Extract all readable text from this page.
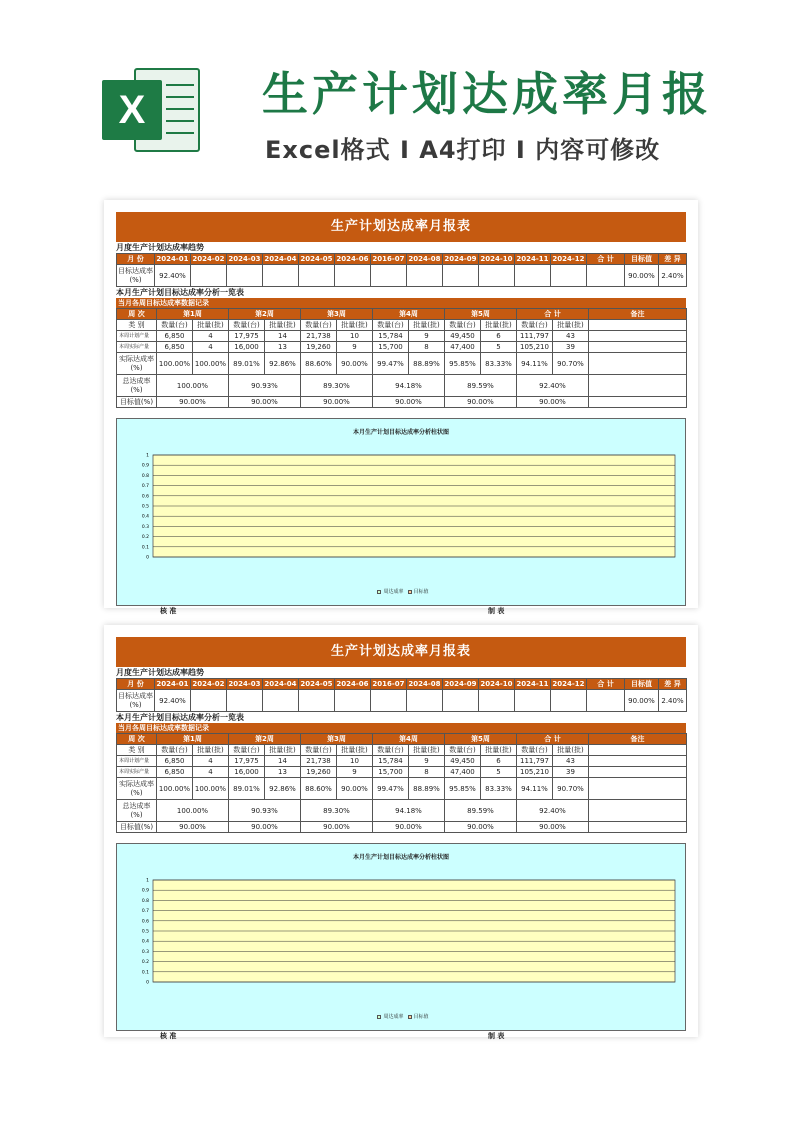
X	生产计划达成率月报
Excel格式 I A4打印 I 内容可修改
生产计划达成率月报表
月度生产计划达成率趋势
月 份	2024-01	2024-02	2024-03	2024-04	2024-05	2024-06	2016-07	2024-08	2024-09	2024-10	2024-11	2024-12	合 计	目标值	差 异
目标达成率(%)	92.40%													90.00%	2.40%
本月生产计划目标达成率分析一览表
当月各周目标达成率数据记录
周 次	第1周		第2周		第3周		第4周		第5周		合 计		备注
类 别	数量(台)	批量(批)	数量(台)	批量(批)	数量(台)	批量(批)	数量(台)	批量(批)	数量(台)	批量(批)	数量(台)	批量(批)	
本周计划产量	6,850	4	17,975	14	21,738	10	15,784	9	49,450	6	111,797	43	
本周实际产量	6,850	4	16,000	13	19,260	9	15,700	8	47,400	5	105,210	39	
实际达成率(%)	100.00%	100.00%	89.01%	92.86%	88.60%	90.00%	99.47%	88.89%	95.85%	83.33%	94.11%	90.70%	
总达成率(%)	100.00%		90.93%		89.30%		94.18%		89.59%		92.40%		
目标值(%)	90.00%		90.00%		90.00%		90.00%		90.00%		90.00%		
本月生产计划目标达成率分析柱状图
0
0.1
0.2
0.3
0.4
0.5
0.6
0.7
0.8
0.9
1
周达成率 目标值
核 准	制 表
生产计划达成率月报表
月度生产计划达成率趋势
月 份	2024-01	2024-02	2024-03	2024-04	2024-05	2024-06	2016-07	2024-08	2024-09	2024-10	2024-11	2024-12	合 计	目标值	差 异
目标达成率(%)	92.40%													90.00%	2.40%
本月生产计划目标达成率分析一览表
当月各周目标达成率数据记录
周 次	第1周		第2周		第3周		第4周		第5周		合 计		备注
类 别	数量(台)	批量(批)	数量(台)	批量(批)	数量(台)	批量(批)	数量(台)	批量(批)	数量(台)	批量(批)	数量(台)	批量(批)	
本周计划产量	6,850	4	17,975	14	21,738	10	15,784	9	49,450	6	111,797	43	
本周实际产量	6,850	4	16,000	13	19,260	9	15,700	8	47,400	5	105,210	39	
实际达成率(%)	100.00%	100.00%	89.01%	92.86%	88.60%	90.00%	99.47%	88.89%	95.85%	83.33%	94.11%	90.70%	
总达成率(%)	100.00%		90.93%		89.30%		94.18%		89.59%		92.40%		
目标值(%)	90.00%		90.00%		90.00%		90.00%		90.00%		90.00%		
本月生产计划目标达成率分析柱状图
0
0.1
0.2
0.3
0.4
0.5
0.6
0.7
0.8
0.9
1
周达成率 目标值
核 准	制 表
